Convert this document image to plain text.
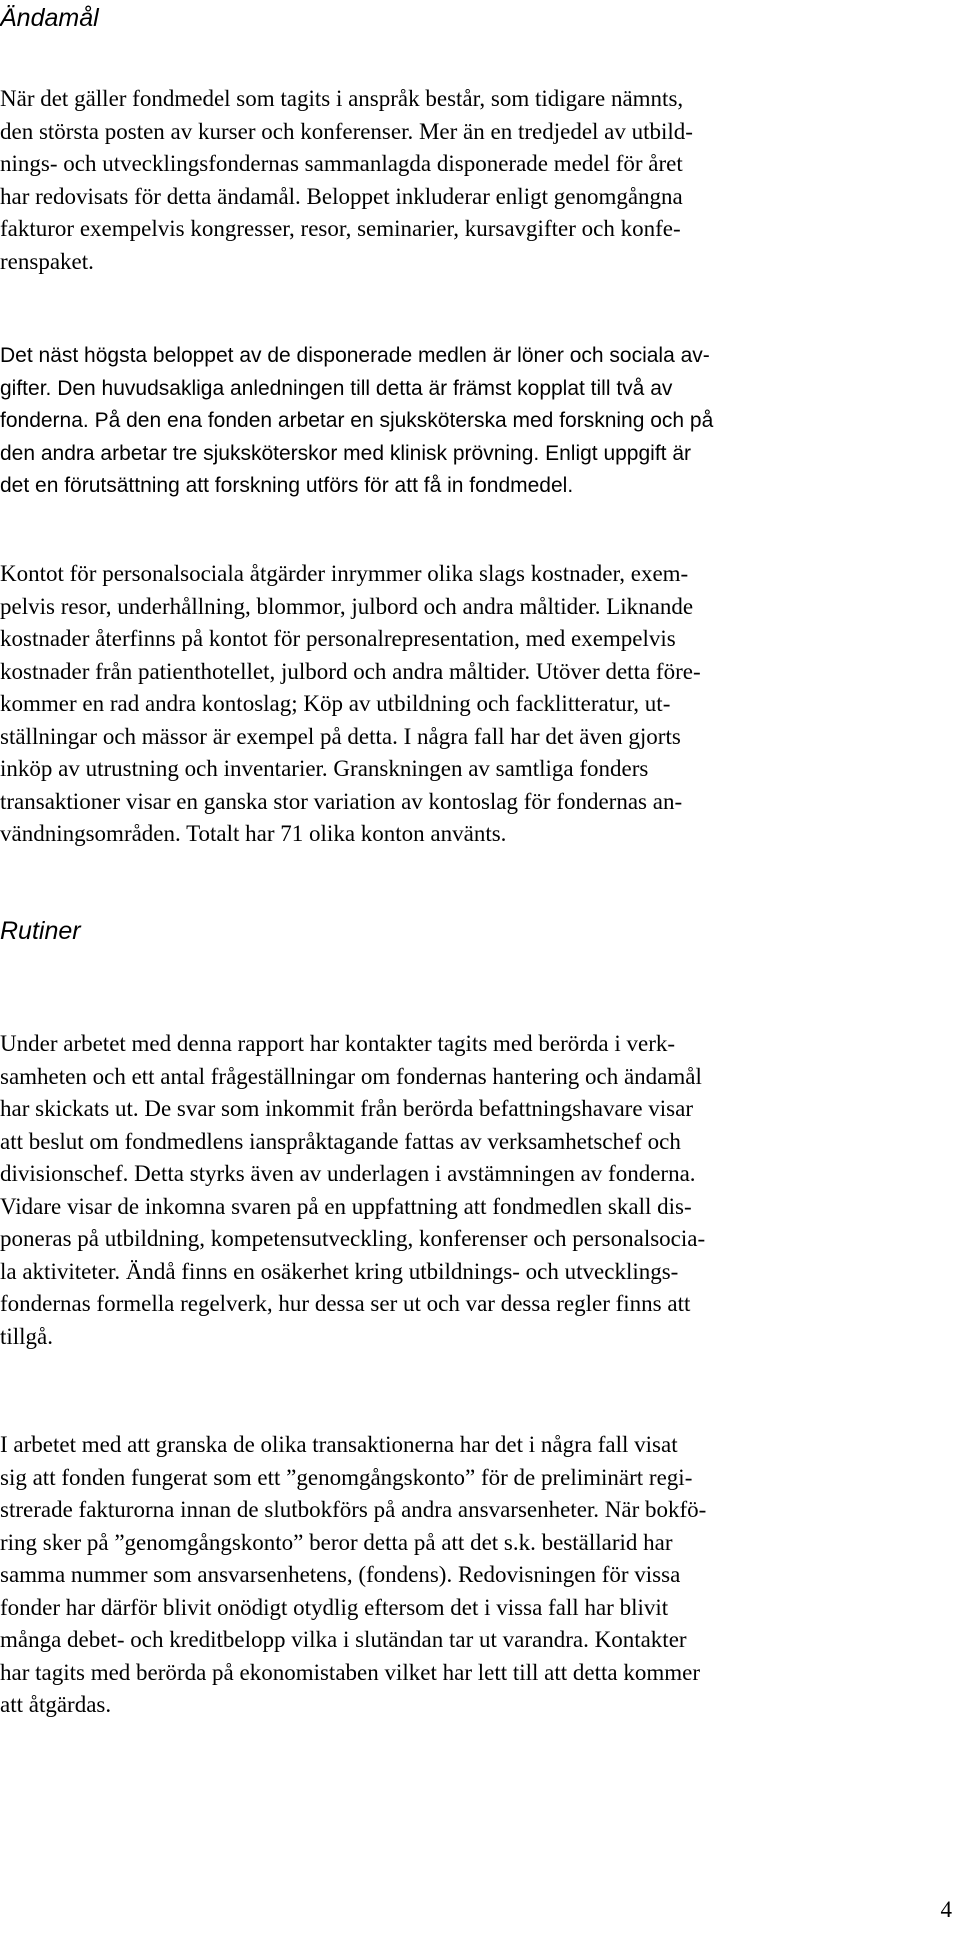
Ändamål
När det gäller fondmedel som tagits i anspråk består, som tidigare nämnts,
den största posten av kurser och konferenser. Mer än en tredjedel av utbild-
nings- och utvecklingsfondernas sammanlagda disponerade medel för året
har redovisats för detta ändamål. Beloppet inkluderar enligt genomgångna
fakturor exempelvis kongresser, resor, seminarier, kursavgifter och konfe-
renspaket.
Det näst högsta beloppet av de disponerade medlen är löner och sociala av-
gifter. Den huvudsakliga anledningen till detta är främst kopplat till två av
fonderna. På den ena fonden arbetar en sjuksköterska med forskning och på
den andra arbetar tre sjuksköterskor med klinisk prövning. Enligt uppgift är
det en förutsättning att forskning utförs för att få in fondmedel.
Kontot för personalsociala åtgärder inrymmer olika slags kostnader, exem-
pelvis resor, underhållning, blommor, julbord och andra måltider. Liknande
kostnader återfinns på kontot för personalrepresentation, med exempelvis
kostnader från patienthotellet, julbord och andra måltider. Utöver detta före-
kommer en rad andra kontoslag; Köp av utbildning och facklitteratur, ut-
ställningar och mässor är exempel på detta. I några fall har det även gjorts
inköp av utrustning och inventarier. Granskningen av samtliga fonders
transaktioner visar en ganska stor variation av kontoslag för fondernas an-
vändningsområden. Totalt har 71 olika konton använts.
Rutiner
Under arbetet med denna rapport har kontakter tagits med berörda i verk-
samheten och ett antal frågeställningar om fondernas hantering och ändamål
har skickats ut. De svar som inkommit från berörda befattningshavare visar
att beslut om fondmedlens ianspråktagande fattas av verksamhetschef och
divisionschef. Detta styrks även av underlagen i avstämningen av fonderna.
Vidare visar de inkomna svaren på en uppfattning att fondmedlen skall dis-
poneras på utbildning, kompetensutveckling, konferenser och personalsocia-
la aktiviteter. Ändå finns en osäkerhet kring utbildnings- och utvecklings-
fondernas formella regelverk, hur dessa ser ut och var dessa regler finns att
tillgå.
I arbetet med att granska de olika transaktionerna har det i några fall visat
sig att fonden fungerat som ett ”genomgångskonto” för de preliminärt regi-
strerade fakturorna innan de slutbokförs på andra ansvarsenheter. När bokfö-
ring sker på ”genomgångskonto” beror detta på att det s.k. beställarid har
samma nummer som ansvarsenhetens, (fondens). Redovisningen för vissa
fonder har därför blivit onödigt otydlig eftersom det i vissa fall har blivit
många debet- och kreditbelopp vilka i slutändan tar ut varandra. Kontakter
har tagits med berörda på ekonomistaben vilket har lett till att detta kommer
att åtgärdas.
4
